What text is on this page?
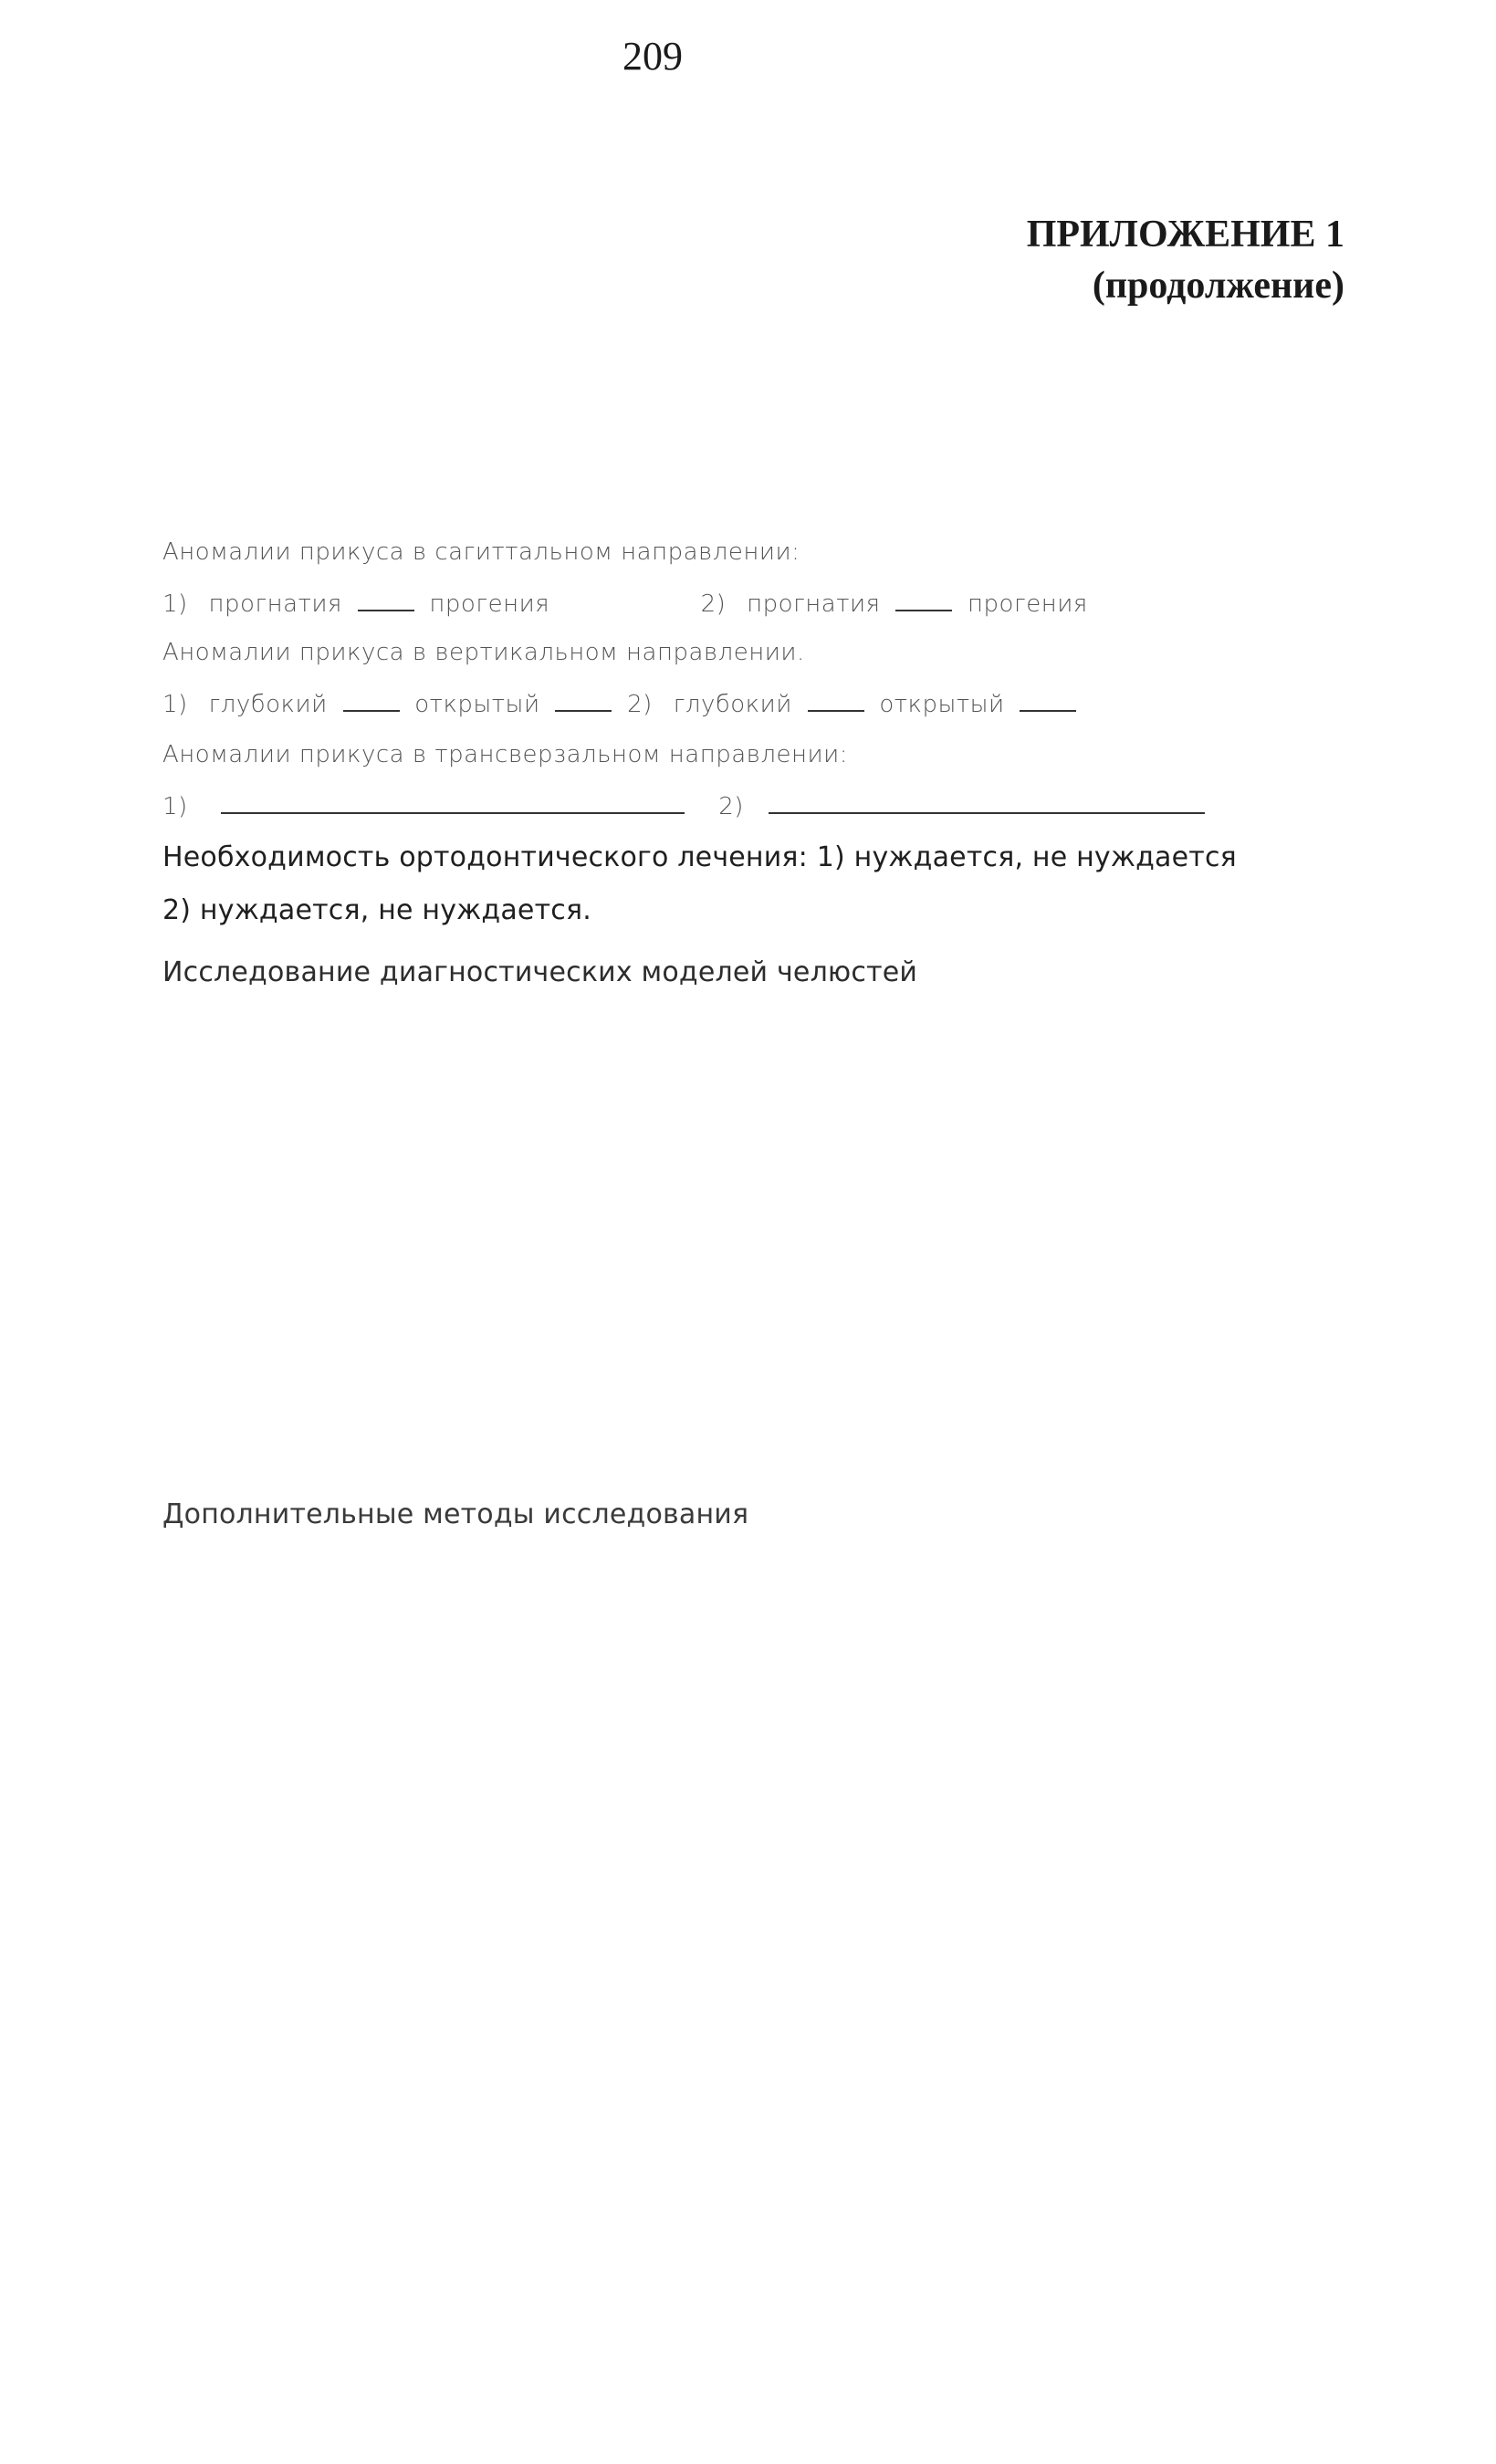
209
ПРИЛОЖЕНИЕ 1
(продолжение)
Аномалии прикуса в сагиттальном направлении:
1) прогнатия	прогения	2) прогнатия	прогения
Аномалии прикуса в вертикальном направлении.
1) глубокий	открытый	2) глубокий	открытый
Аномалии прикуса в трансверзальном направлении:
1)	2)
Необходимость ортодонтического лечения: 1) нуждается, не нуждается
2) нуждается, не нуждается.
Исследование диагностических моделей челюстей
Дополнительные методы исследования
